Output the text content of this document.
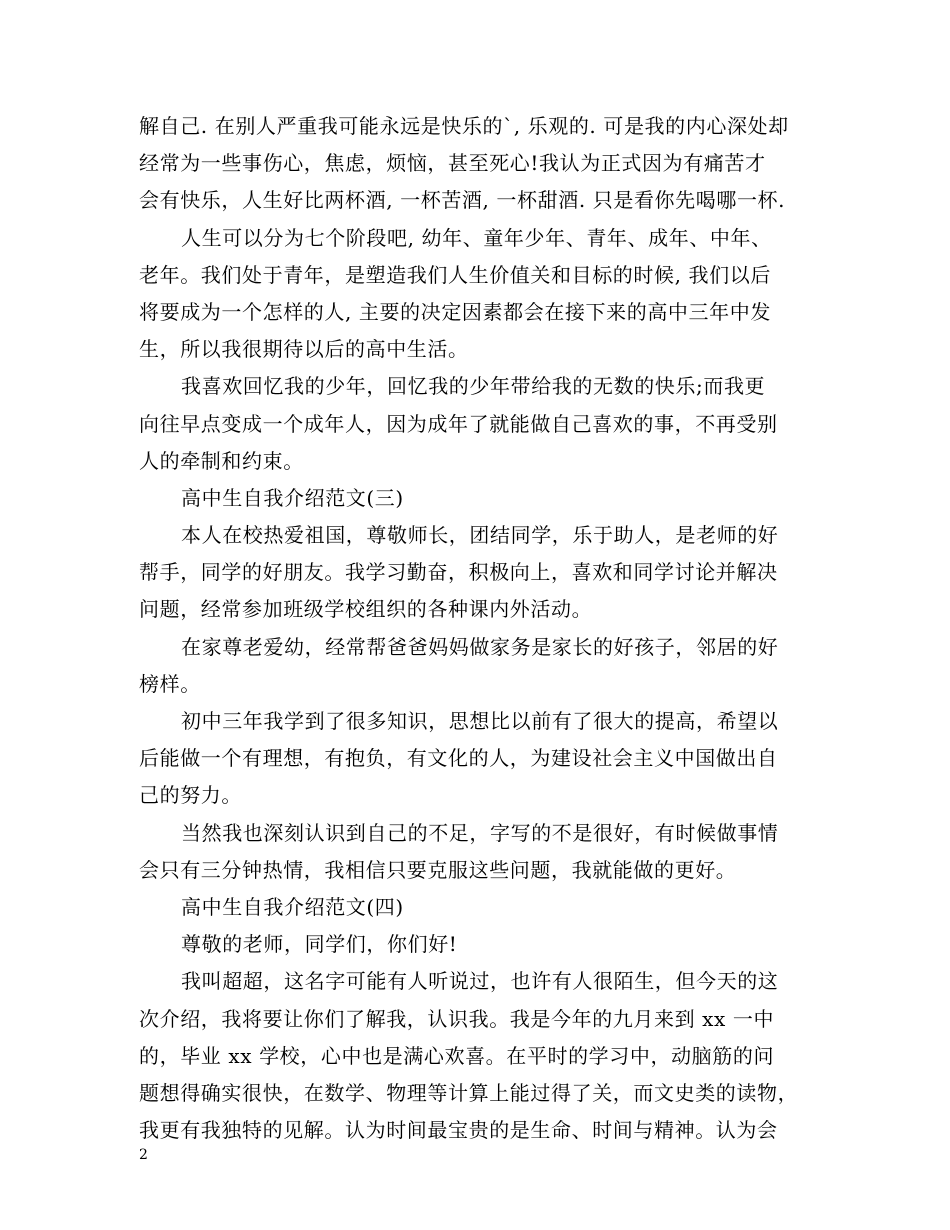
解自己. 在别人严重我可能永远是快乐的`, 乐观的. 可是我的内心深处却
经常为一些事伤心，焦虑，烦恼，甚至死心!我认为正式因为有痛苦才
会有快乐，人生好比两杯酒, 一杯苦酒, 一杯甜酒. 只是看你先喝哪一杯.
人生可以分为七个阶段吧, 幼年、童年少年、青年、成年、中年、
老年。我们处于青年，是塑造我们人生价值关和目标的时候, 我们以后
将要成为一个怎样的人, 主要的决定因素都会在接下来的高中三年中发
生，所以我很期待以后的高中生活。
我喜欢回忆我的少年，回忆我的少年带给我的无数的快乐;而我更
向往早点变成一个成年人，因为成年了就能做自己喜欢的事，不再受别
人的牵制和约束。
高中生自我介绍范文(三)
本人在校热爱祖国，尊敬师长，团结同学，乐于助人，是老师的好
帮手，同学的好朋友。我学习勤奋，积极向上，喜欢和同学讨论并解决
问题，经常参加班级学校组织的各种课内外活动。
在家尊老爱幼，经常帮爸爸妈妈做家务是家长的好孩子，邻居的好
榜样。
初中三年我学到了很多知识，思想比以前有了很大的提高，希望以
后能做一个有理想，有抱负，有文化的人，为建设社会主义中国做出自
己的努力。
当然我也深刻认识到自己的不足，字写的不是很好，有时候做事情
会只有三分钟热情，我相信只要克服这些问题，我就能做的更好。
高中生自我介绍范文(四)
尊敬的老师，同学们，你们好!
我叫超超，这名字可能有人听说过，也许有人很陌生，但今天的这
次介绍，我将要让你们了解我，认识我。我是今年的九月来到 xx 一中
的，毕业 xx 学校，心中也是满心欢喜。在平时的学习中，动脑筋的问
题想得确实很快，在数学、物理等计算上能过得了关，而文史类的读物，
我更有我独特的见解。认为时间最宝贵的是生命、时间与精神。认为会
2
